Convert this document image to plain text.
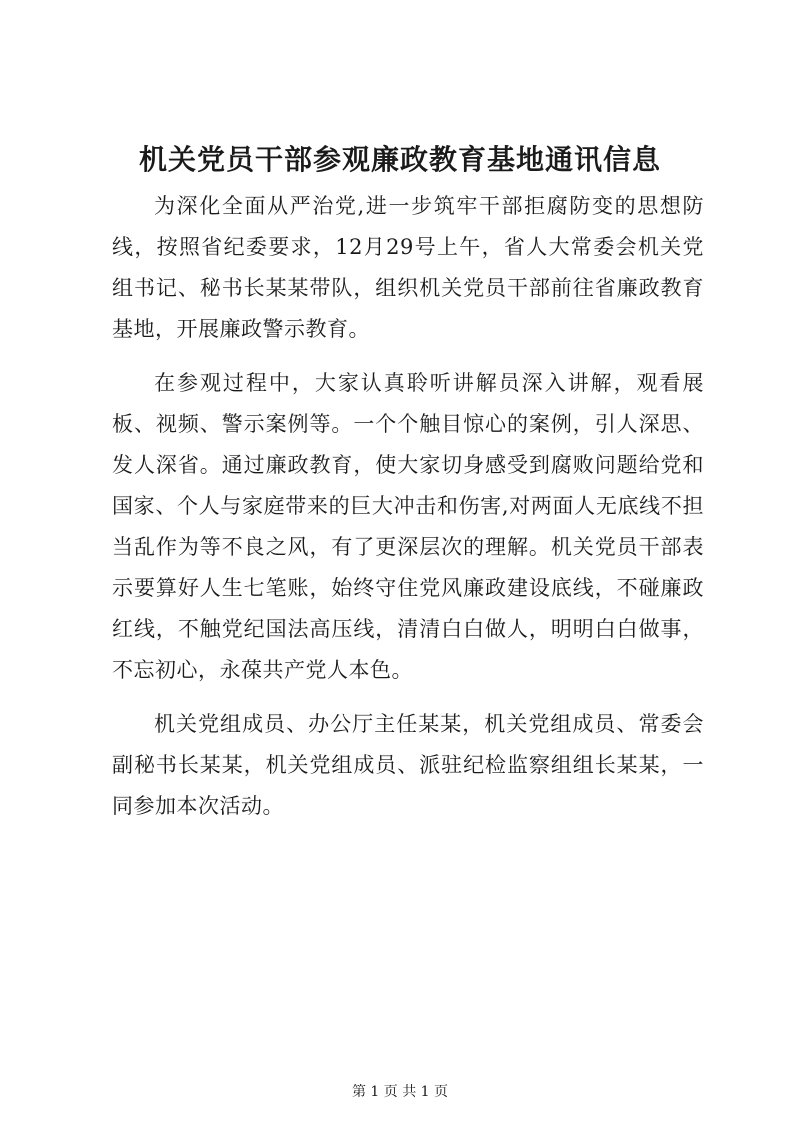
机关党员干部参观廉政教育基地通讯信息

为深化全面从严治党,进一步筑牢干部拒腐防变的思想防线，按照省纪委要求，12月29号上午，省人大常委会机关党组书记、秘书长某某带队，组织机关党员干部前往省廉政教育基地，开展廉政警示教育。

在参观过程中，大家认真聆听讲解员深入讲解，观看展板、视频、警示案例等。一个个触目惊心的案例，引人深思、发人深省。通过廉政教育，使大家切身感受到腐败问题给党和国家、个人与家庭带来的巨大冲击和伤害,对两面人无底线不担当乱作为等不良之风，有了更深层次的理解。机关党员干部表示要算好人生七笔账，始终守住党风廉政建设底线，不碰廉政红线，不触党纪国法高压线，清清白白做人，明明白白做事，不忘初心，永葆共产党人本色。

机关党组成员、办公厅主任某某，机关党组成员、常委会副秘书长某某，机关党组成员、派驻纪检监察组组长某某，一同参加本次活动。

第 1 页 共 1 页
